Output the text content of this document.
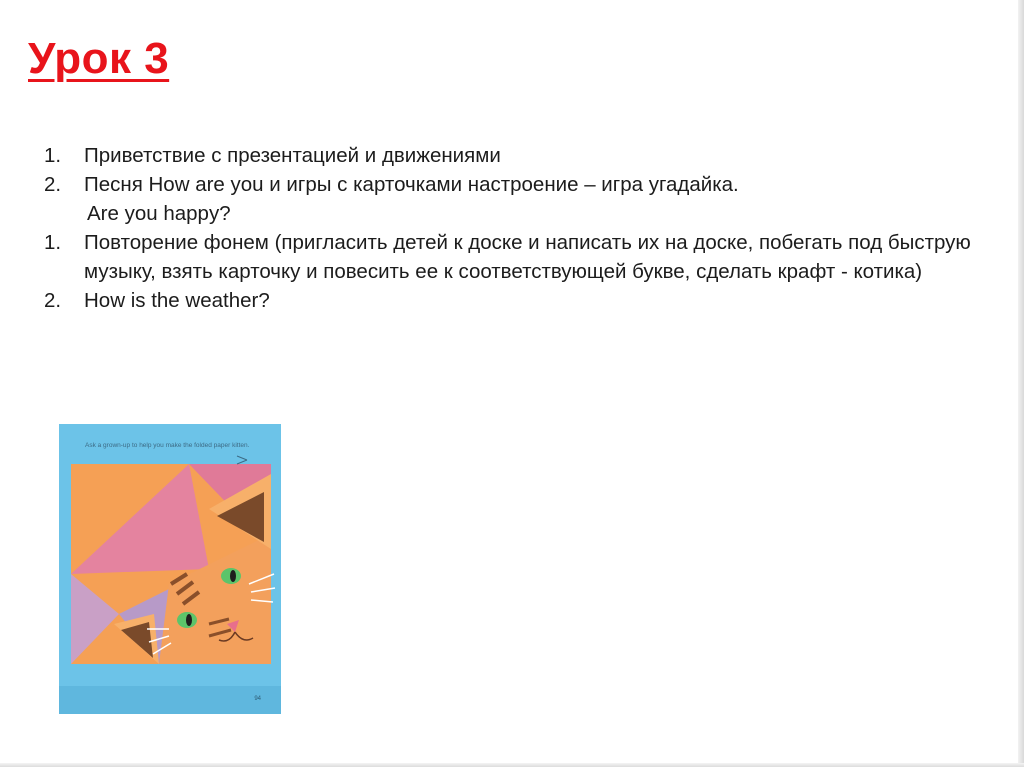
Урок 3
1.	Приветствие с презентацией и движениями
2.	Песня How are you и игры с карточками настроение – игра угадайка.
Are you happy?
1.	Повторение фонем (пригласить детей к доске и написать их на доске, побегать под быструю музыку, взять карточку и повесить ее к соответствующей букве, сделать крафт - котика)
2.	How is the weather?
Ask a grown-up to help you make the folded paper kitten.
94
